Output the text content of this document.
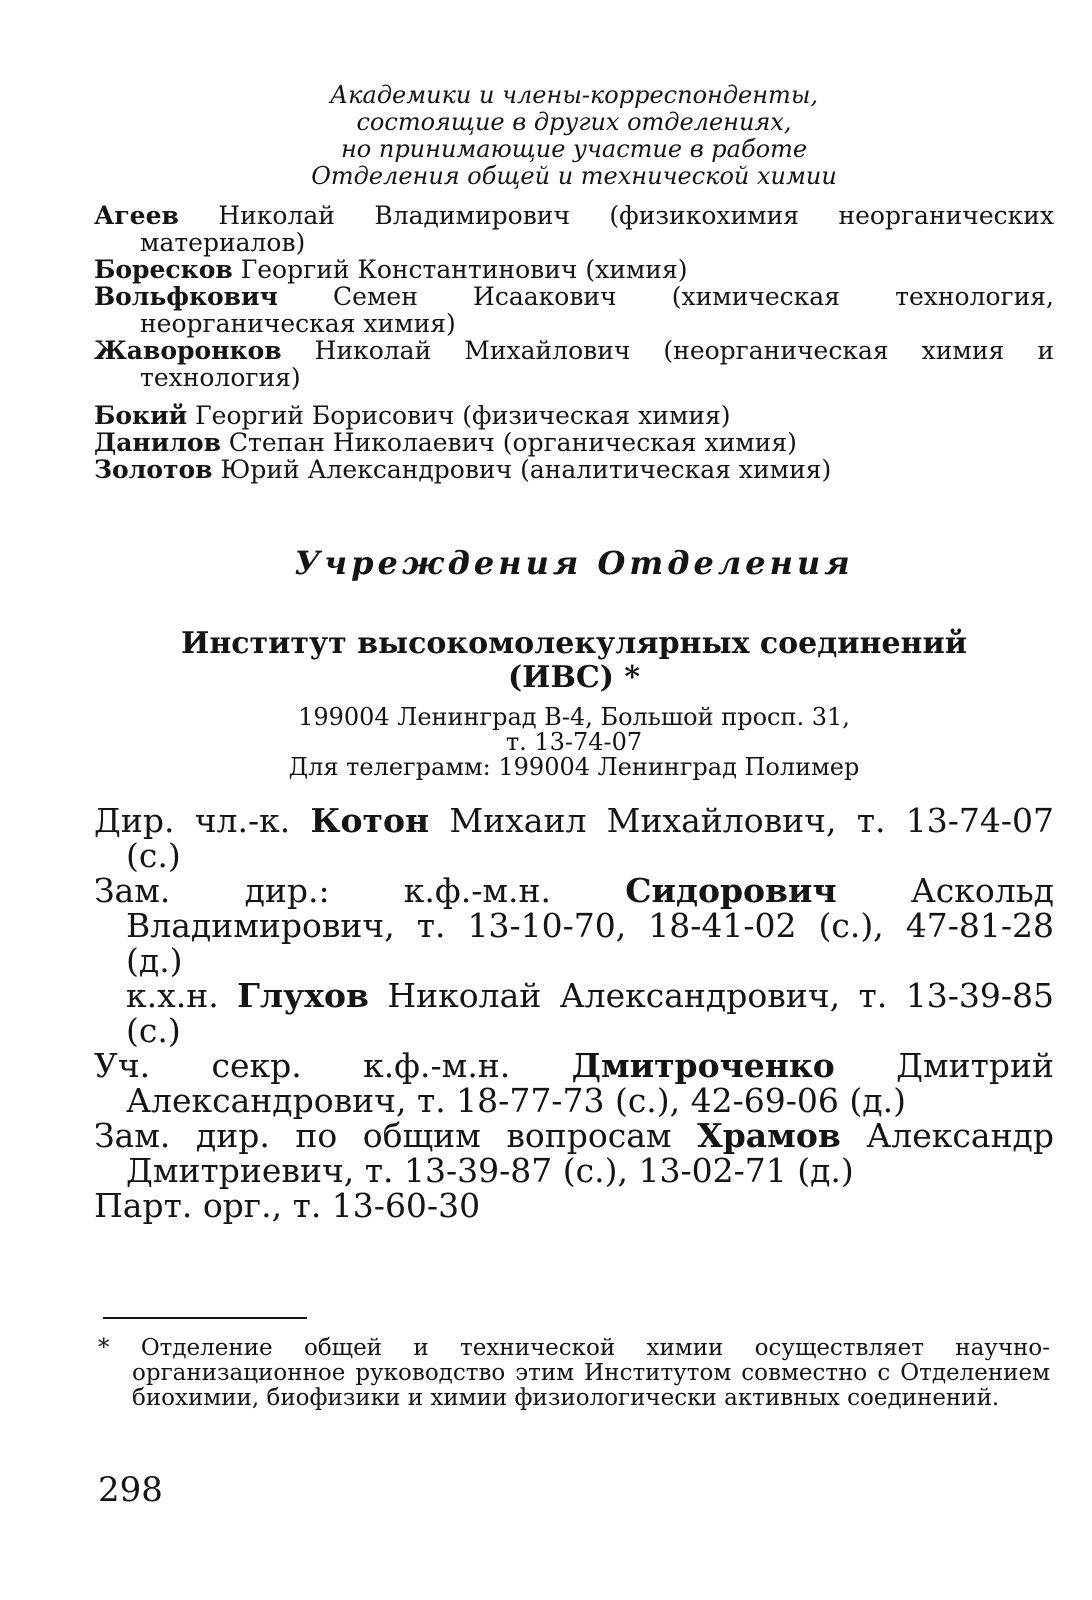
Академики и члены-корреспонденты,
состоящие в других отделениях,
но принимающие участие в работе
Отделения общей и технической химии

Агеев Николай Владимирович (физикохимия неорганических материалов)

Боресков Георгий Константинович (химия)

Вольфкович Семен Исаакович (химическая технология, неорганическая химия)

Жаворонков Николай Михайлович (неорганическая химия и технология)

Бокий Георгий Борисович (физическая химия)

Данилов Степан Николаевич (органическая химия)

Золотов Юрий Александрович (аналитическая химия)

Учреждения Отделения
Институт высокомолекулярных соединений
(ИВС) *
199004 Ленинград В-4, Большой просп. 31,
т. 13-74-07
Для телеграмм: 199004 Ленинград Полимер

Дир. чл.-к. Котон Михаил Михайлович, т. 13-74-07 (с.)

Зам. дир.: к.ф.-м.н. Сидорович Аскольд Владимирович, т. 13-10-70, 18-41-02 (с.), 47-81-28 (д.)

к.х.н. Глухов Николай Александрович, т. 13-39-85 (с.)

Уч. секр. к.ф.-м.н. Дмитроченко Дмитрий Александрович, т. 18-77-73 (с.), 42-69-06 (д.)

Зам. дир. по общим вопросам Храмов Александр Дмитриевич, т. 13-39-87 (с.), 13-02-71 (д.)

Парт. орг., т. 13-60-30

* Отделение общей и технической химии осуществляет научно-организационное руководство этим Институтом совместно с Отделением биохимии, биофизики и химии физиологически активных соединений.

298
